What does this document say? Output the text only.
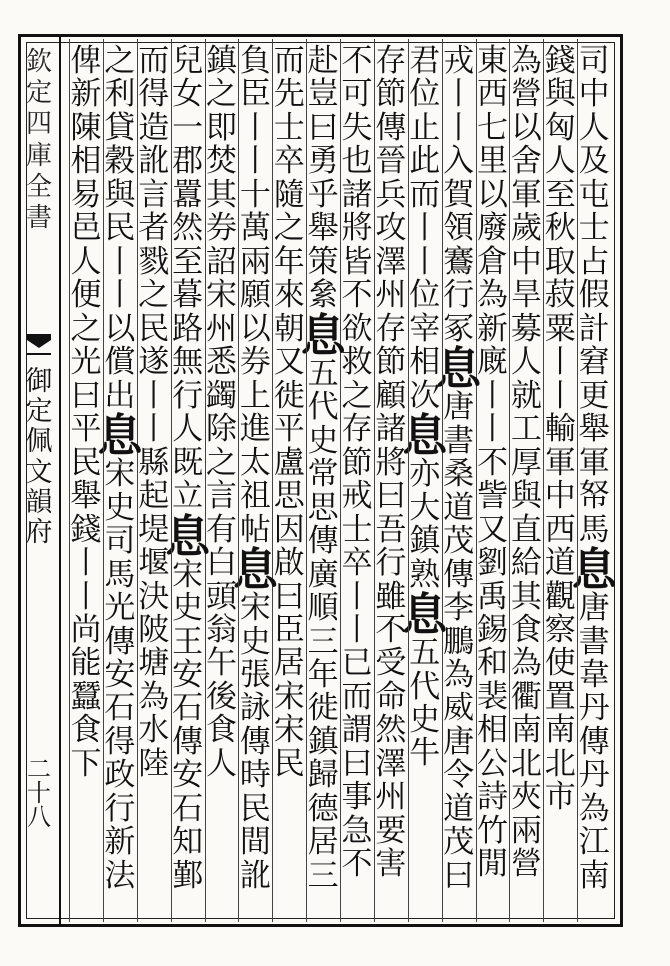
欽
定
四
庫
全
書
御
定
佩
文
韻
府
二
十
八
司
中
人
及
屯
士
占
假
計
窘
更
舉
軍
帑
馬
息
唐
書
韋
丹
傳
丹
為
江
南
錢
與
匈
人
至
秋
取
菽
粟
丨
丨
輸
軍
中
西
道
觀
察
使
置
南
北
市
為
營
以
舍
軍
歲
中
旱
募
人
就
工
厚
與
直
給
其
食
為
衢
南
北
夾
兩
營
東
西
七
里
以
廢
倉
為
新
廐
丨
丨
不
訾
又
劉
禹
錫
和
裴
相
公
詩
竹
閒
戎
丨
丨
入
賀
領
鶱
行
冢
息
唐
書
桑
道
茂
傳
李
鵬
為
威
唐
令
道
茂
曰
君
位
止
此
而
丨
丨
位
宰
相
次
息
亦
大
鎮
熟
息
五
代
史
牛
存
節
傳
晉
兵
攻
澤
州
存
節
顧
諸
將
曰
吾
行
雖
不
受
命
然
澤
州
要
害
不
可
失
也
諸
將
皆
不
欲
救
之
存
節
戒
士
卒
丨
丨
已
而
謂
曰
事
急
不
赴
豈
曰
勇
乎
舉
策
絫
息
五
代
史
常
思
傳
廣
順
三
年
徙
鎮
歸
德
居
三
而
先
士
卒
隨
之
年
來
朝
又
徙
平
盧
思
因
啟
曰
臣
居
宋
宋
民
負
臣
丨
丨
十
萬
兩
願
以
券
上
進
太
祖
帖
息
宋
史
張
詠
傳
時
民
間
訛
鎮
之
即
焚
其
券
詔
宋
州
悉
蠲
除
之
言
有
白
頭
翁
午
後
食
人
兒
女
一
郡
囂
然
至
暮
路
無
行
人
既
立
息
宋
史
王
安
石
傳
安
石
知
鄞
而
得
造
訛
言
者
戮
之
民
遂
丨
丨
縣
起
堤
堰
決
陂
塘
為
水
陸
之
利
貸
穀
與
民
丨
丨
以
償
出
息
宋
史
司
馬
光
傳
安
石
得
政
行
新
法
俾
新
陳
相
易
邑
人
便
之
光
曰
平
民
舉
錢
丨
丨
尚
能
蠶
食
下
